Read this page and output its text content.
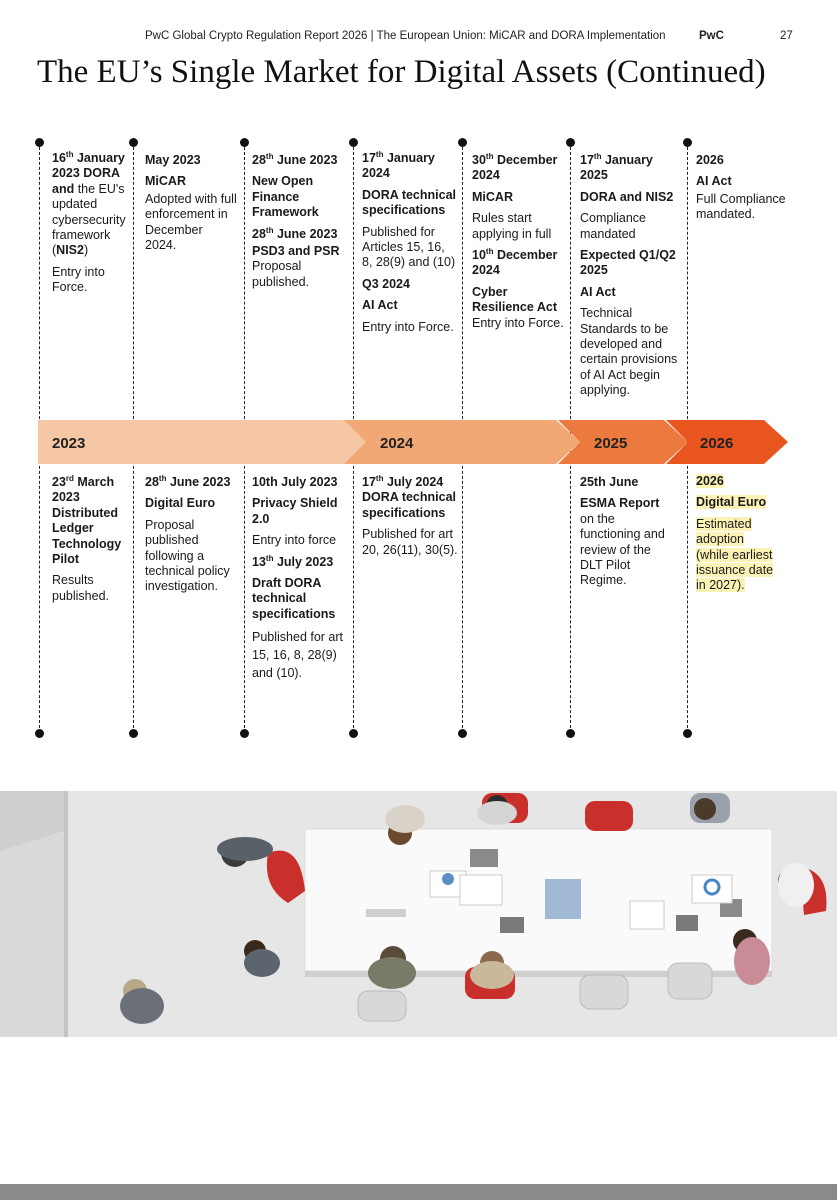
PwC Global Crypto Regulation Report 2026 | The European Union: MiCAR and DORA Implementation	PwC	27
The EU’s Single Market for Digital Assets (Continued)

16th January 2023 DORA
and the EU's updated cybersecurity framework (NIS2)

Entry into Force.

May 2023

MiCAR

Adopted with full enforcement in December 2024.

28th June 2023

New Open Finance Framework

28th June 2023

PSD3 and PSR

Proposal published.

17th January 2024

DORA technical specifications

Published for Articles 15, 16, 8, 28(9) and (10)

Q3 2024

AI Act

Entry into Force.

30th December 2024

MiCAR

Rules start applying in full

10th December 2024

Cyber Resilience Act

Entry into Force.

17th January 2025

DORA and NIS2

Compliance mandated

Expected Q1/Q2 2025

AI Act

Technical Standards to be developed and certain provisions of AI Act begin applying.

2026

AI Act

Full Compliance mandated.

2023	2024	2025	2026

23rd March 2023

Distributed Ledger Technology Pilot

Results published.

28th June 2023

Digital Euro

Proposal published following a technical policy investigation.

10th July 2023

Privacy Shield 2.0

Entry into force

13th July 2023

Draft DORA technical specifications

Published for art 15, 16, 8, 28(9) and (10).

17th July 2024 DORA technical specifications

Published for art 20, 26(11), 30(5).

25th June

ESMA Report

on the functioning and review of the DLT Pilot Regime.

2026

Digital Euro

Estimated adoption (while earliest issuance date in 2027).
